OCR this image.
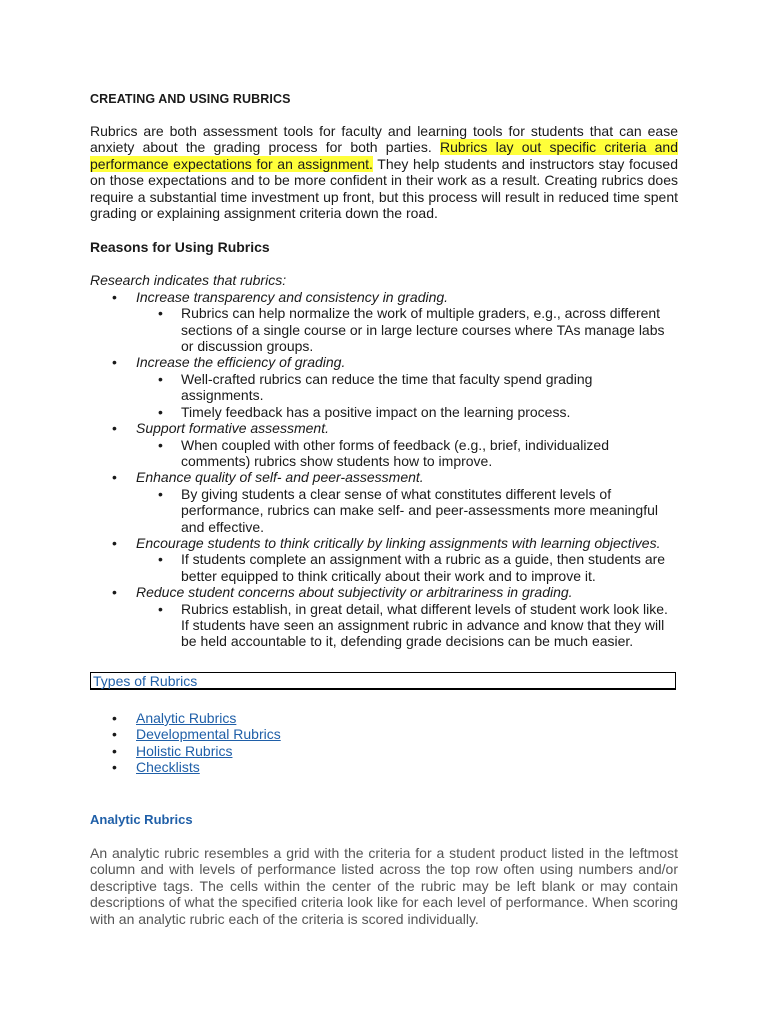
CREATING AND USING RUBRICS

Rubrics are both assessment tools for faculty and learning tools for students that can ease anxiety about the grading process for both parties. Rubrics lay out specific criteria and performance expectations for an assignment. They help students and instructors stay focused on those expectations and to be more confident in their work as a result. Creating rubrics does require a substantial time investment up front, but this process will result in reduced time spent grading or explaining assignment criteria down the road.

Reasons for Using Rubrics

Research indicates that rubrics:

• Increase transparency and consistency in grading.
• Rubrics can help normalize the work of multiple graders, e.g., across different sections of a single course or in large lecture courses where TAs manage labs or discussion groups.
• Increase the efficiency of grading.
• Well-crafted rubrics can reduce the time that faculty spend grading assignments.
• Timely feedback has a positive impact on the learning process.
• Support formative assessment.
• When coupled with other forms of feedback (e.g., brief, individualized comments) rubrics show students how to improve.
• Enhance quality of self- and peer-assessment.
• By giving students a clear sense of what constitutes different levels of performance, rubrics can make self- and peer-assessments more meaningful and effective.
• Encourage students to think critically by linking assignments with learning objectives.
• If students complete an assignment with a rubric as a guide, then students are better equipped to think critically about their work and to improve it.
• Reduce student concerns about subjectivity or arbitrariness in grading.
• Rubrics establish, in great detail, what different levels of student work look like. If students have seen an assignment rubric in advance and know that they will be held accountable to it, defending grade decisions can be much easier.
Types of Rubrics
• Analytic Rubrics
• Developmental Rubrics
• Holistic Rubrics
• Checklists
Analytic Rubrics

An analytic rubric resembles a grid with the criteria for a student product listed in the leftmost column and with levels of performance listed across the top row often using numbers and/or descriptive tags. The cells within the center of the rubric may be left blank or may contain descriptions of what the specified criteria look like for each level of performance. When scoring with an analytic rubric each of the criteria is scored individually.
